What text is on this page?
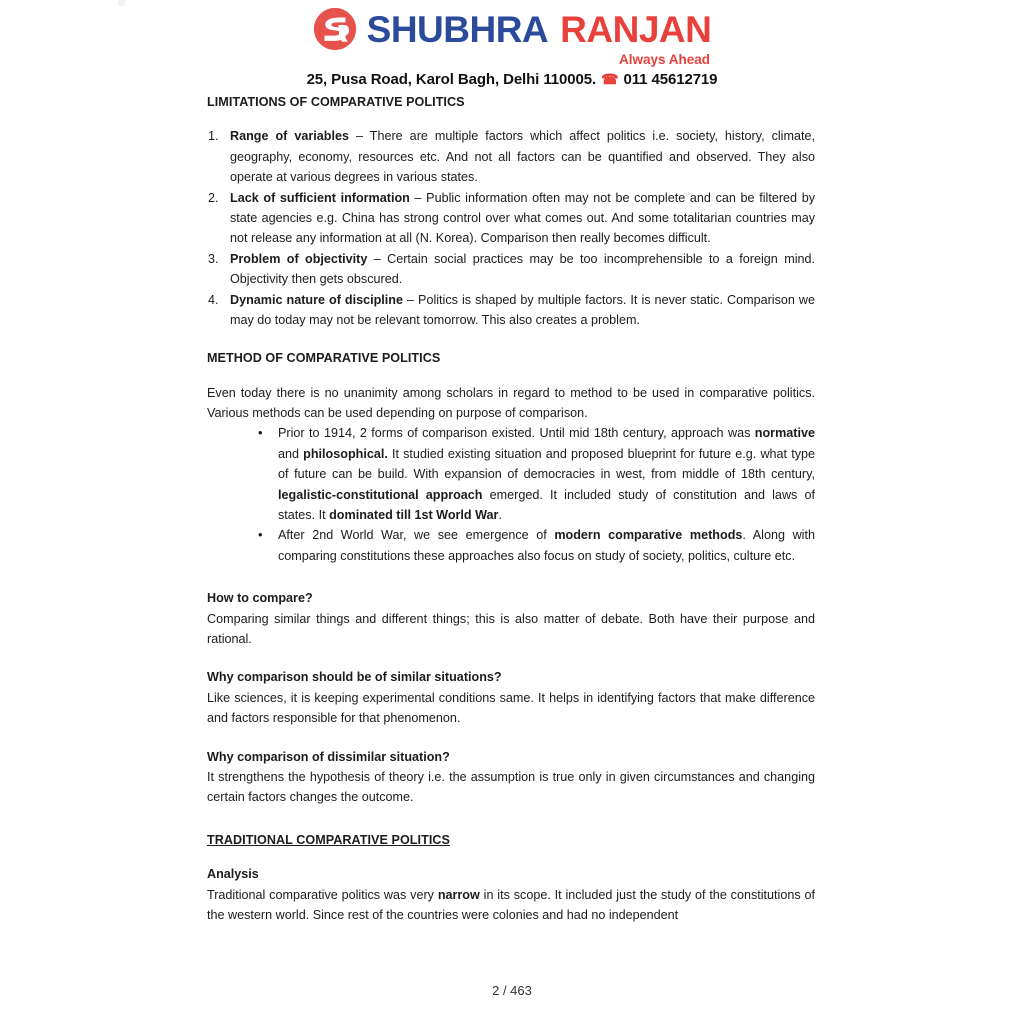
SHUBHRA RANJAN
Always Ahead
25, Pusa Road, Karol Bagh, Delhi 110005. ☎ 011 45612719
LIMITATIONS OF COMPARATIVE POLITICS
1. Range of variables – There are multiple factors which affect politics i.e. society, history, climate, geography, economy, resources etc. And not all factors can be quantified and observed. They also operate at various degrees in various states.
2. Lack of sufficient information – Public information often may not be complete and can be filtered by state agencies e.g. China has strong control over what comes out. And some totalitarian countries may not release any information at all (N. Korea). Comparison then really becomes difficult.
3. Problem of objectivity – Certain social practices may be too incomprehensible to a foreign mind. Objectivity then gets obscured.
4. Dynamic nature of discipline – Politics is shaped by multiple factors. It is never static. Comparison we may do today may not be relevant tomorrow. This also creates a problem.
METHOD OF COMPARATIVE POLITICS

Even today there is no unanimity among scholars in regard to method to be used in comparative politics. Various methods can be used depending on purpose of comparison.

• Prior to 1914, 2 forms of comparison existed. Until mid 18th century, approach was normative and philosophical. It studied existing situation and proposed blueprint for future e.g. what type of future can be build. With expansion of democracies in west, from middle of 18th century, legalistic-constitutional approach emerged. It included study of constitution and laws of states. It dominated till 1st World War.
• After 2nd World War, we see emergence of modern comparative methods. Along with comparing constitutions these approaches also focus on study of society, politics, culture etc.

How to compare?

Comparing similar things and different things; this is also matter of debate. Both have their purpose and rational.

Why comparison should be of similar situations?

Like sciences, it is keeping experimental conditions same. It helps in identifying factors that make difference and factors responsible for that phenomenon.

Why comparison of dissimilar situation?

It strengthens the hypothesis of theory i.e. the assumption is true only in given circumstances and changing certain factors changes the outcome.

TRADITIONAL COMPARATIVE POLITICS

Analysis

Traditional comparative politics was very narrow in its scope. It included just the study of the constitutions of the western world. Since rest of the countries were colonies and had no independent

2 / 463
